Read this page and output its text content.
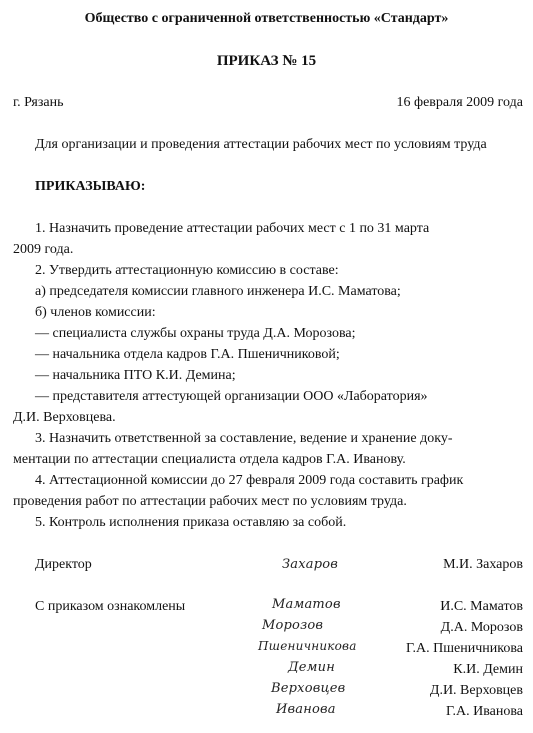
Общество с ограниченной ответственностью «Стандарт»
ПРИКАЗ № 15
г. Рязань	16 февраля 2009 года
Для организации и проведения аттестации рабочих мест по условиям труда
ПРИКАЗЫВАЮ:
1. Назначить проведение аттестации рабочих мест с 1 по 31 марта
2009 года.
2. Утвердить аттестационную комиссию в составе:
а) председателя комиссии главного инженера И.С. Маматова;
б) членов комиссии:
— специалиста службы охраны труда Д.А. Морозова;
— начальника отдела кадров Г.А. Пшеничниковой;
— начальника ПТО К.И. Демина;
— представителя аттестующей организации ООО «Лаборатория»
Д.И. Верховцева.
3. Назначить ответственной за составление, ведение и хранение доку-
ментации по аттестации специалиста отдела кадров Г.А. Иванову.
4. Аттестационной комиссии до 27 февраля 2009 года составить график
проведения работ по аттестации рабочих мест по условиям труда.
5. Контроль исполнения приказа оставляю за собой.
Директор	Захаров	М.И. Захаров
С приказом ознакомлены	Маматов	И.С. Маматов
Морозов	Д.А. Морозов
Пшеничникова	Г.А. Пшеничникова
Демин	К.И. Демин
Верховцев	Д.И. Верховцев
Иванова	Г.А. Иванова
